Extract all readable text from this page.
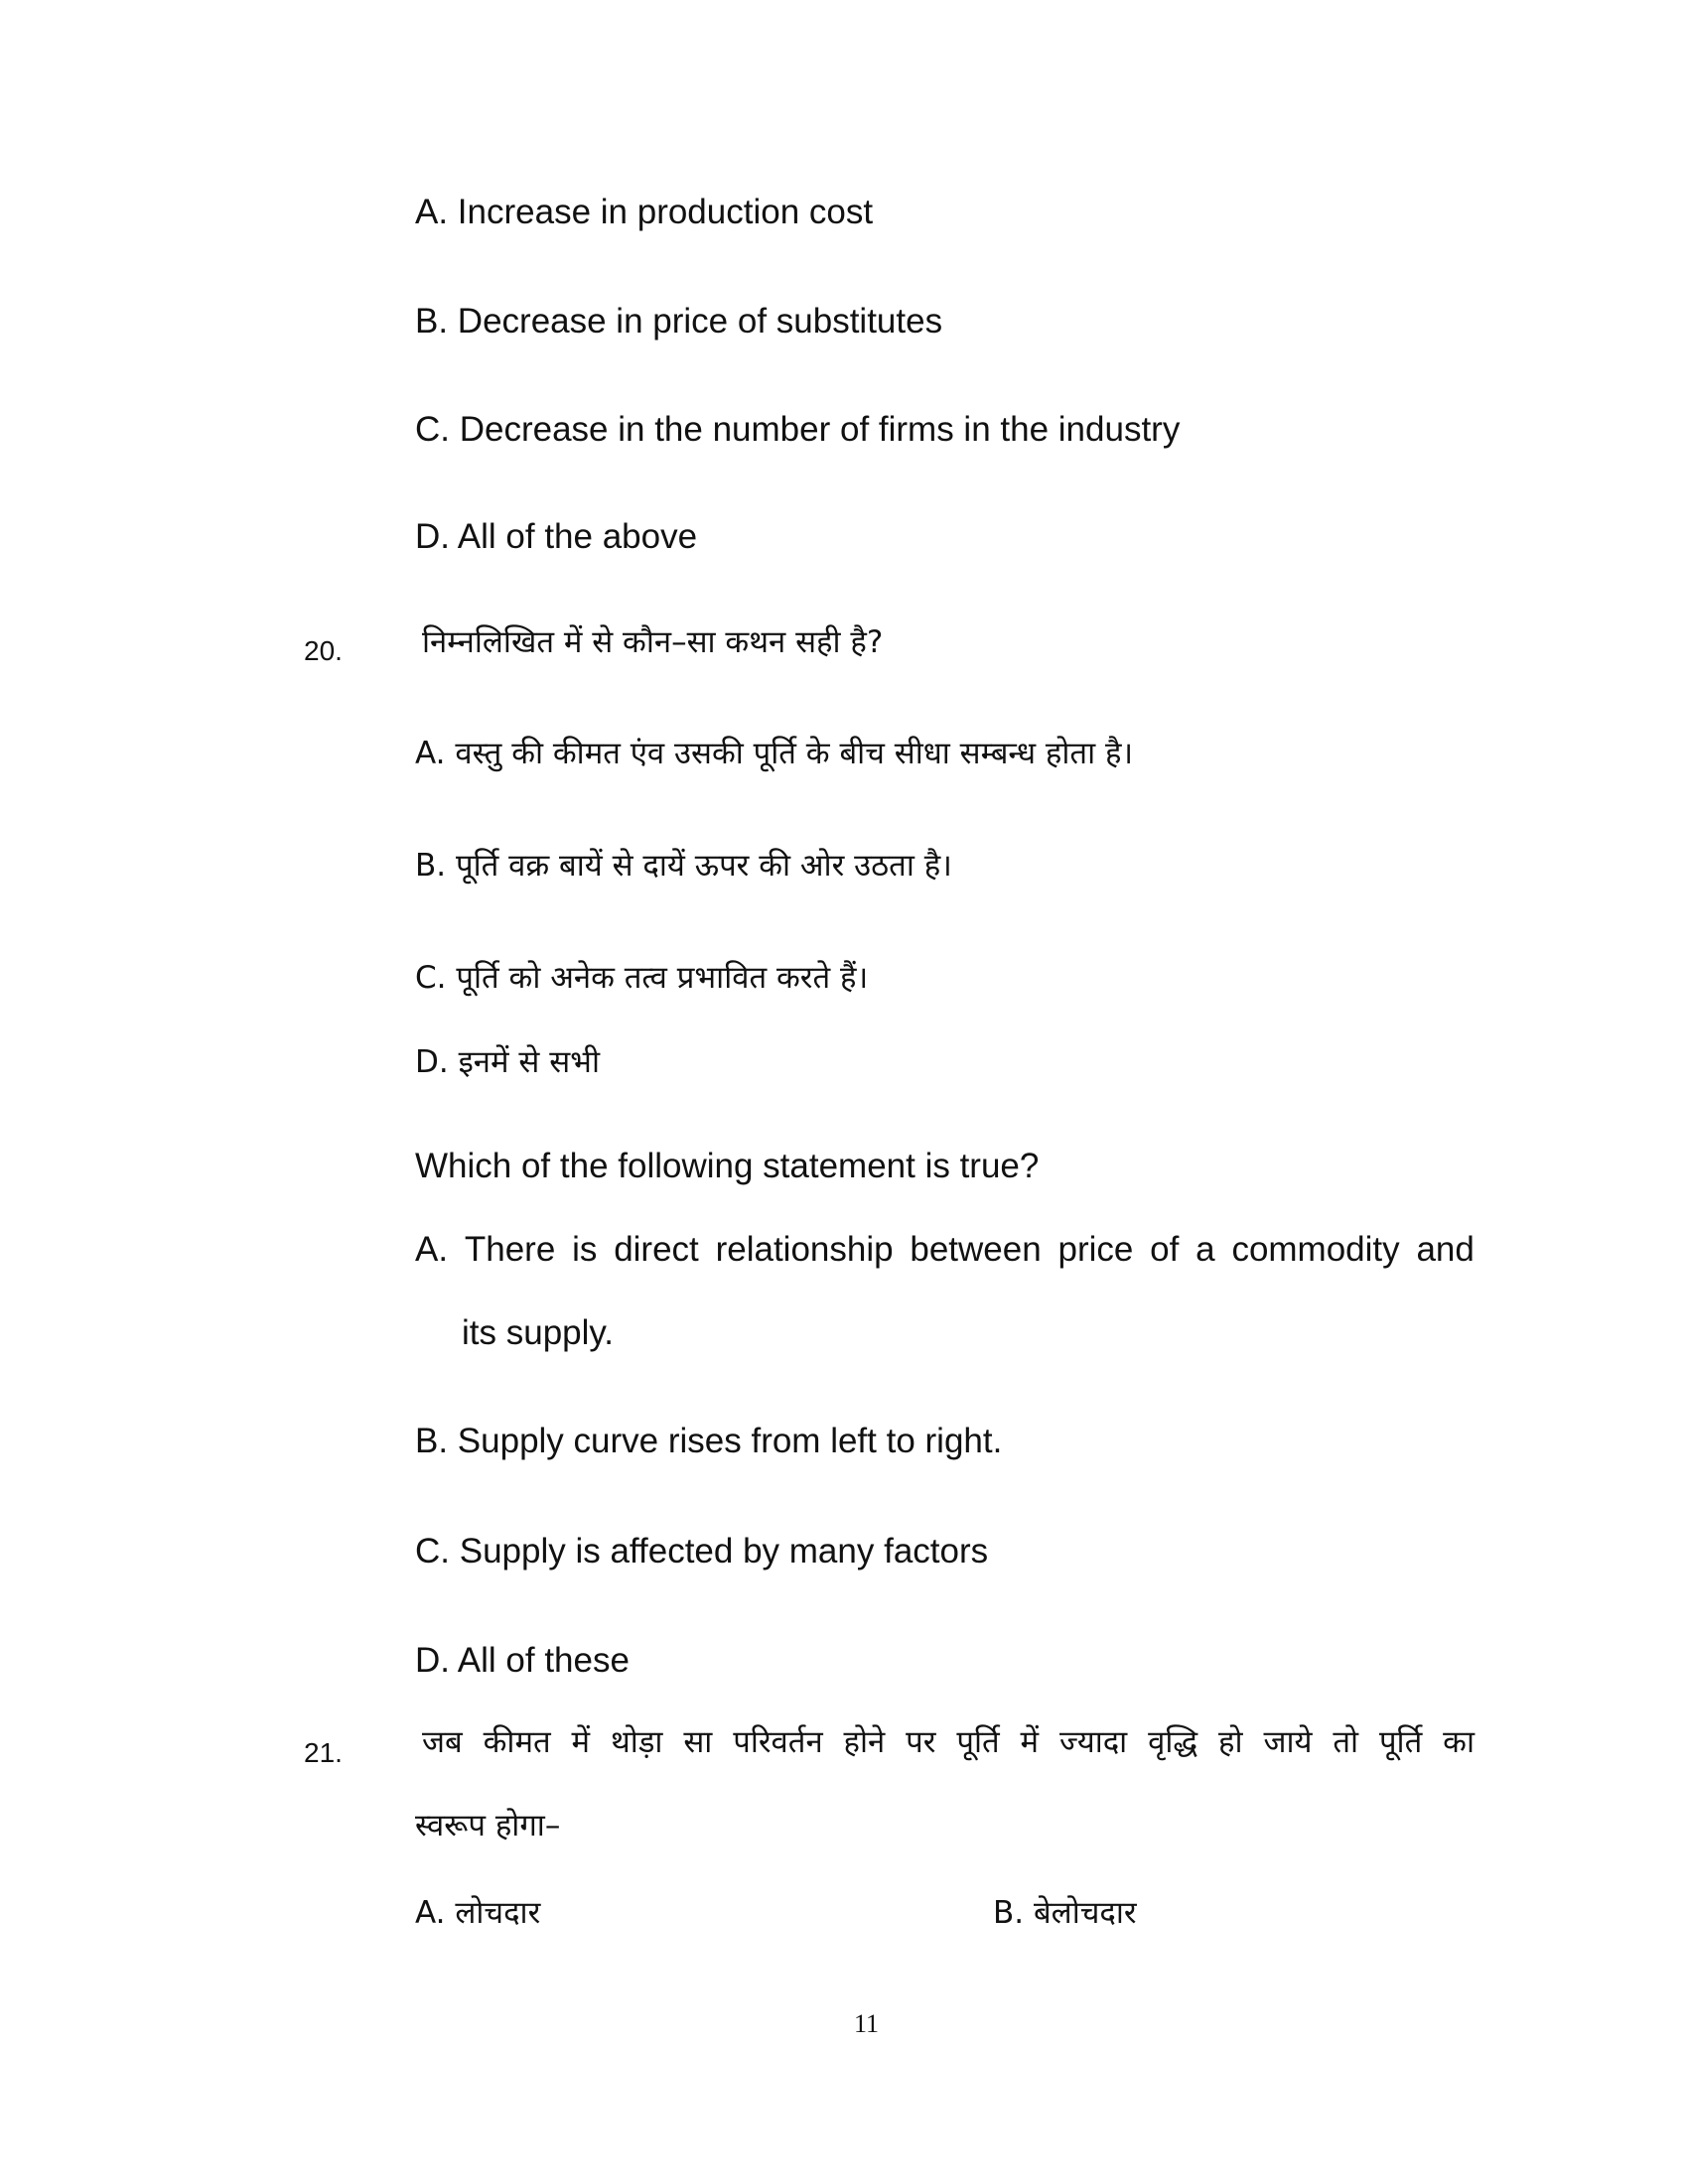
A. Increase in production cost
B. Decrease in price of substitutes
C. Decrease in the number of firms in the industry
D. All of the above
20.	निम्नलिखित में से कौन–सा कथन सही है?
A. वस्तु की कीमत एंव उसकी पूर्ति के बीच सीधा सम्बन्ध होता है।
B. पूर्ति वक्र बायें से दायें ऊपर की ओर उठता है।
C. पूर्ति को अनेक तत्व प्रभावित करते हैं।
D. इनमें से सभी
Which of the following statement is true?
A. There is direct relationship between price of a commodity and
its supply.
B. Supply curve rises from left to right.
C. Supply is affected by many factors
D. All of these
21.	जब कीमत में थोड़ा सा परिवर्तन होने पर पूर्ति में ज्यादा वृद्धि हो जाये तो पूर्ति का
स्वरूप होगा–
A. लोचदार	B. बेलोचदार
11
